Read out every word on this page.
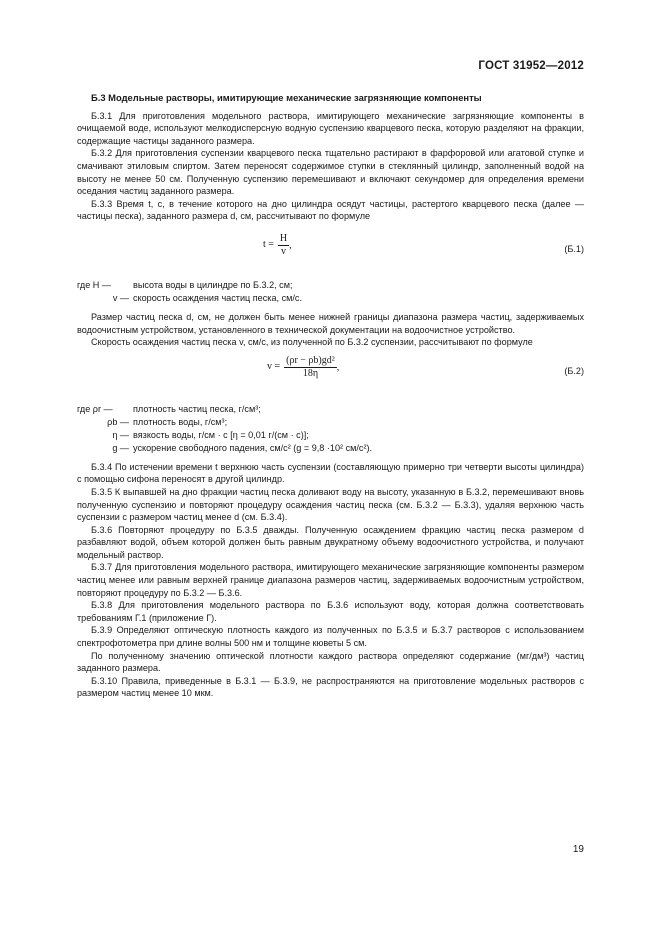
ГОСТ 31952—2012

Б.3 Модельные растворы, имитирующие механические загрязняющие компоненты

Б.3.1 Для приготовления модельного раствора, имитирующего механические загрязняющие компоненты в очищаемой воде, используют мелкодисперсную водную суспензию кварцевого песка, которую разделяют на фракции, содержащие частицы заданного размера.

Б.3.2 Для приготовления суспензии кварцевого песка тщательно растирают в фарфоровой или агатовой ступке и смачивают этиловым спиртом. Затем переносят содержимое ступки в стеклянный цилиндр, заполненный водой на высоту не менее 50 см. Полученную суспензию перемешивают и включают секундомер для определения времени оседания частиц заданного размера.

Б.3.3 Время t, с, в течение которого на дно цилиндра осядут частицы, растертого кварцевого песка (далее — частицы песка), заданного размера d, см, рассчитывают по формуле

$t = \frac{H}{v}$ ,	(Б.1)
где H —	высота воды в цилиндре по Б.3.2, см;
v — скорость осаждения частиц песка, см/с.

Размер частиц песка d, см, не должен быть менее нижней границы диапазона размера частиц, задерживаемых водоочистным устройством, установленного в технической документации на водоочистное устройство.

Скорость осаждения частиц песка v, см/с, из полученной по Б.3.2 суспензии, рассчитывают по формуле

$v = \frac{\text{(ρr − ρb)gd²}}{18\eta}$ ,	(Б.2)
где ρr —	плотность частиц песка, г/см³;
ρb — плотность воды, г/см³;
η — вязкость воды, г/см · с [η = 0,01 г/(см · с)];
g — ускорение свободного падения, см/с² (g = 9,8 ·10² см/с²).

Б.3.4 По истечении времени t верхнюю часть суспензии (составляющую примерно три четверти высоты цилиндра) с помощью сифона переносят в другой цилиндр.

Б.3.5 К выпавшей на дно фракции частиц песка доливают воду на высоту, указанную в Б.3.2, перемешивают вновь полученную суспензию и повторяют процедуру осаждения частиц песка (см. Б.3.2 — Б.3.3), удаляя верхнюю часть суспензии с размером частиц менее d (см. Б.3.4).

Б.3.6 Повторяют процедуру по Б.3.5 дважды. Полученную осаждением фракцию частиц песка размером d разбавляют водой, объем которой должен быть равным двукратному объему водоочистного устройства, и получают модельный раствор.

Б.3.7 Для приготовления модельного раствора, имитирующего механические загрязняющие компоненты размером частиц менее или равным верхней границе диапазона размеров частиц, задерживаемых водоочистным устройством, повторяют процедуру по Б.3.2 — Б.3.6.

Б.3.8 Для приготовления модельного раствора по Б.3.6 используют воду, которая должна соответствовать требованиям Г.1 (приложение Г).

Б.3.9 Определяют оптическую плотность каждого из полученных по Б.3.5 и Б.3.7 растворов с использованием спектрофотометра при длине волны 500 нм и толщине кюветы 5 см.

По полученному значению оптической плотности каждого раствора определяют содержание (мг/дм³) частиц заданного размера.

Б.3.10 Правила, приведенные в Б.3.1 — Б.3.9, не распространяются на приготовление модельных растворов с размером частиц менее 10 мкм.

19
